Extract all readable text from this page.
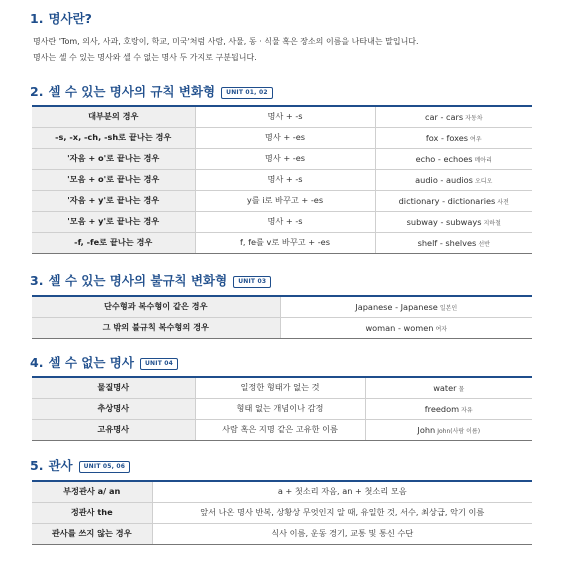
1. 명사란?
명사란 'Tom, 의사, 사과, 호랑이, 학교, 미국'처럼 사람, 사물, 동 · 식물 혹은 장소의 이름을 나타내는 말입니다.
명사는 셀 수 있는 명사와 셀 수 없는 명사 두 가지로 구분됩니다.
2. 셀 수 있는 명사의 규칙 변화형 UNIT 01, 02
대부분의 경우	명사 + -s	car - cars 자동차
-s, -x, -ch, -sh로 끝나는 경우	명사 + -es	fox - foxes 여우
'자음 + o'로 끝나는 경우	명사 + -es	echo - echoes 메아리
'모음 + o'로 끝나는 경우	명사 + -s	audio - audios 오디오
'자음 + y'로 끝나는 경우	y를 i로 바꾸고 + -es	dictionary - dictionaries 사전
'모음 + y'로 끝나는 경우	명사 + -s	subway - subways 지하철
-f, -fe로 끝나는 경우	f, fe를 v로 바꾸고 + -es	shelf - shelves 선반
3. 셀 수 있는 명사의 불규칙 변화형 UNIT 03
단수형과 복수형이 같은 경우	Japanese - Japanese 일본인
그 밖의 불규칙 복수형의 경우	woman - women 여자
4. 셀 수 없는 명사 UNIT 04
물질명사	일정한 형태가 없는 것	water 물
추상명사	형태 없는 개념이나 감정	freedom 자유
고유명사	사람 혹은 지명 같은 고유한 이름	John John(사람 이름)
5. 관사 UNIT 05, 06
부정관사 a/ an	a + 첫소리 자음, an + 첫소리 모음
정관사 the	앞서 나온 명사 반복, 상황상 무엇인지 알 때, 유일한 것, 서수, 최상급, 악기 이름
관사를 쓰지 않는 경우	식사 이름, 운동 경기, 교통 및 통신 수단
